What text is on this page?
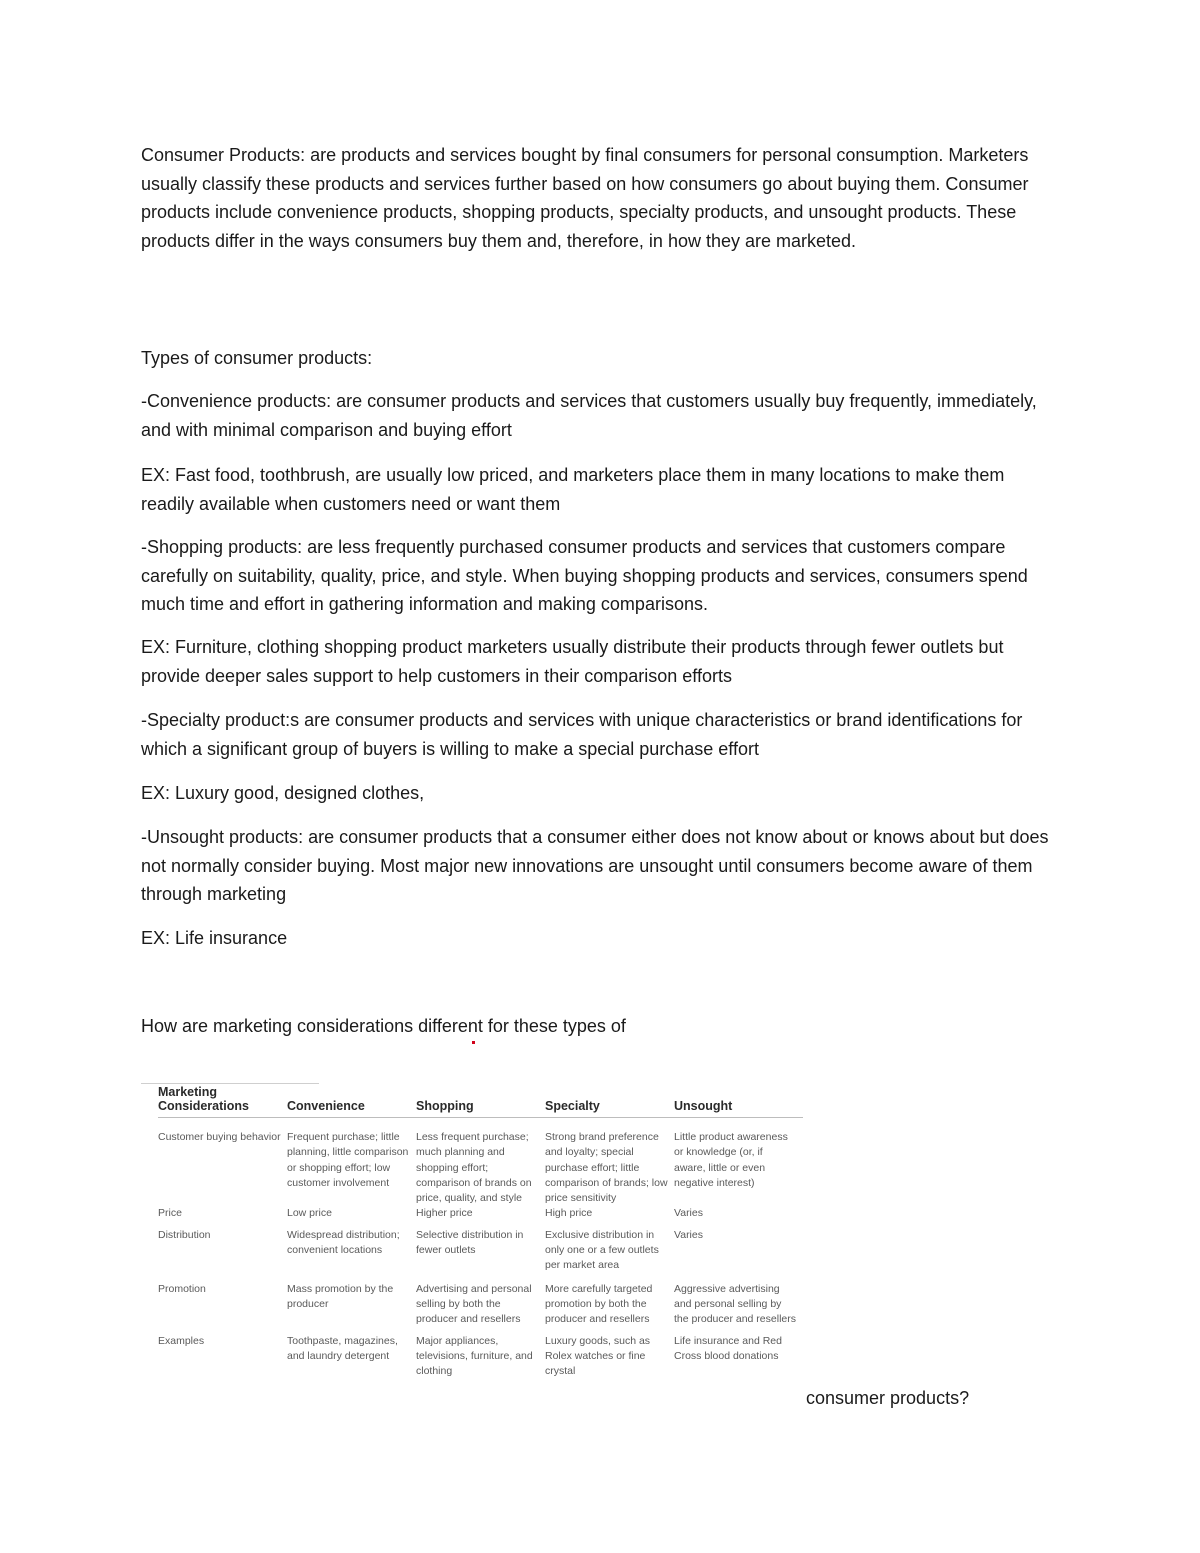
Consumer Products: are products and services bought by final consumers for personal consumption. Marketers usually classify these products and services further based on how consumers go about buying them. Consumer products include convenience products, shopping products, specialty products, and unsought products. These products differ in the ways consumers buy them and, therefore, in how they are marketed.

Types of consumer products:

-Convenience products: are consumer products and services that customers usually buy frequently, immediately, and with minimal comparison and buying effort

EX: Fast food, toothbrush, are usually low priced, and marketers place them in many locations to make them readily available when customers need or want them

-Shopping products: are less frequently purchased consumer products and services that customers compare carefully on suitability, quality, price, and style. When buying shopping products and services, consumers spend much time and effort in gathering information and making comparisons.

EX: Furniture, clothing shopping product marketers usually distribute their products through fewer outlets but provide deeper sales support to help customers in their comparison efforts

-Specialty product:s are consumer products and services with unique characteristics or brand identifications for which a significant group of buyers is willing to make a special purchase effort

EX: Luxury good, designed clothes,

-Unsought products: are consumer products that a consumer either does not know about or knows about but does not normally consider buying. Most major new innovations are unsought until consumers become aware of them through marketing

EX: Life insurance

How are marketing considerations different for these types of

Marketing Considerations	Convenience	Shopping	Specialty	Unsought
Customer buying behavior	Frequent purchase; little planning, little comparison or shopping effort; low customer involvement	Less frequent purchase; much planning and shopping effort; comparison of brands on price, quality, and style	Strong brand preference and loyalty; special purchase effort; little comparison of brands; low price sensitivity	Little product awareness or knowledge (or, if aware, little or even negative interest)
Price	Low price	Higher price	High price	Varies
Distribution	Widespread distribution; convenient locations	Selective distribution in fewer outlets	Exclusive distribution in only one or a few outlets per market area	Varies
Promotion	Mass promotion by the producer	Advertising and personal selling by both the producer and resellers	More carefully targeted promotion by both the producer and resellers	Aggressive advertising and personal selling by the producer and resellers
Examples	Toothpaste, magazines, and laundry detergent	Major appliances, televisions, furniture, and clothing	Luxury goods, such as Rolex watches or fine crystal	Life insurance and Red Cross blood donations

consumer products?
